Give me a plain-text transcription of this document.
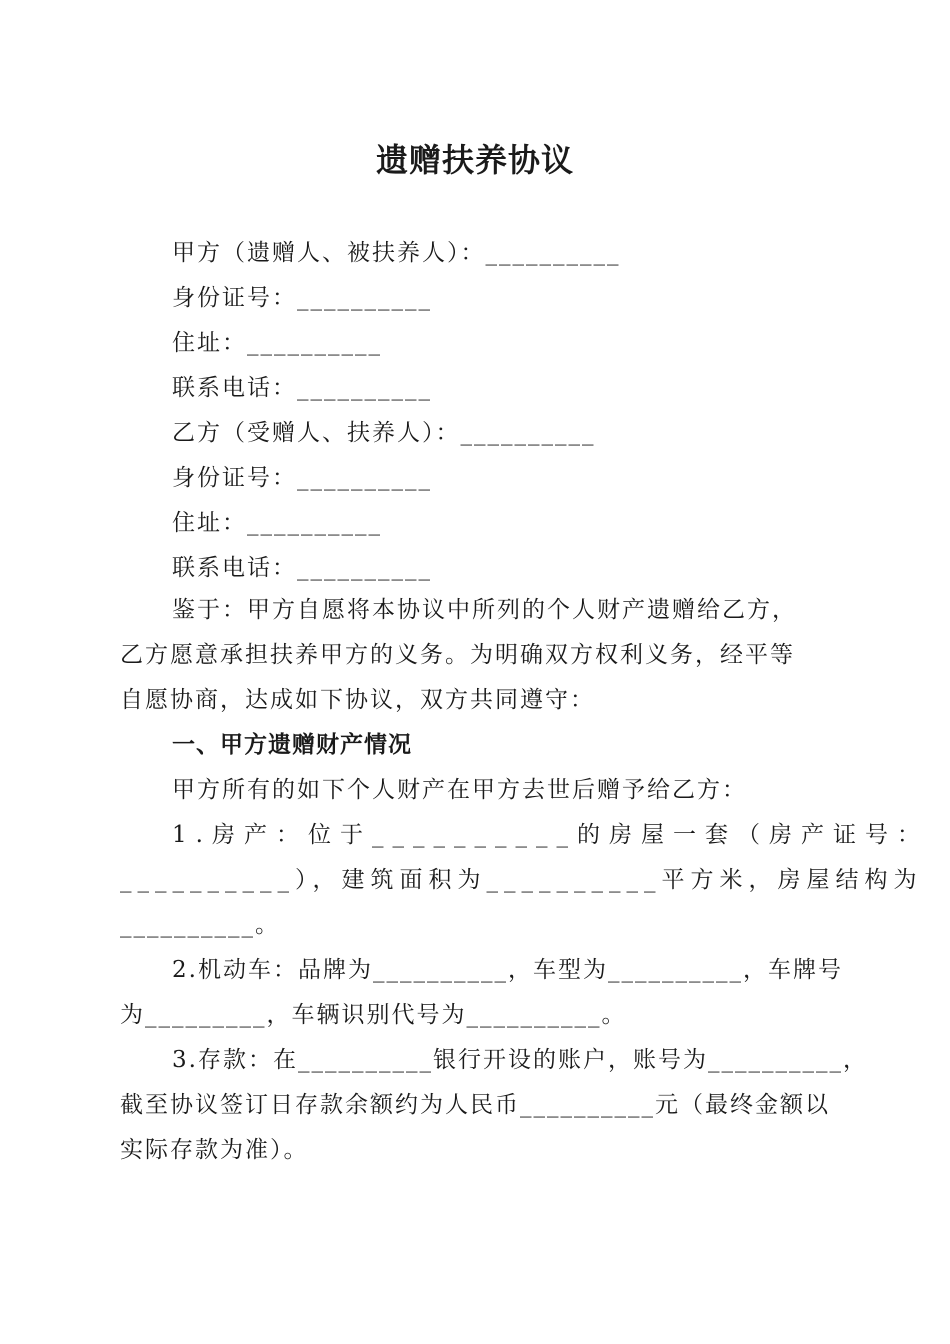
遗赠扶养协议
甲方（遗赠人、被扶养人）：__________
身份证号：__________
住址：__________
联系电话：__________
乙方（受赠人、扶养人）：__________
身份证号：__________
住址：__________
联系电话：__________
鉴于：甲方自愿将本协议中所列的个人财产遗赠给乙方，
乙方愿意承担扶养甲方的义务。为明确双方权利义务，经平等
自愿协商，达成如下协议，双方共同遵守：
一、甲方遗赠财产情况
甲方所有的如下个人财产在甲方去世后赠予给乙方：
1.房产：位于__________的房屋一套（房产证号：
__________），建筑面积为__________平方米，房屋结构为
__________。
2.机动车：品牌为__________，车型为__________，车牌号
为_________，车辆识别代号为__________。
3.存款：在__________银行开设的账户，账号为__________，
截至协议签订日存款余额约为人民币__________元（最终金额以
实际存款为准）。
